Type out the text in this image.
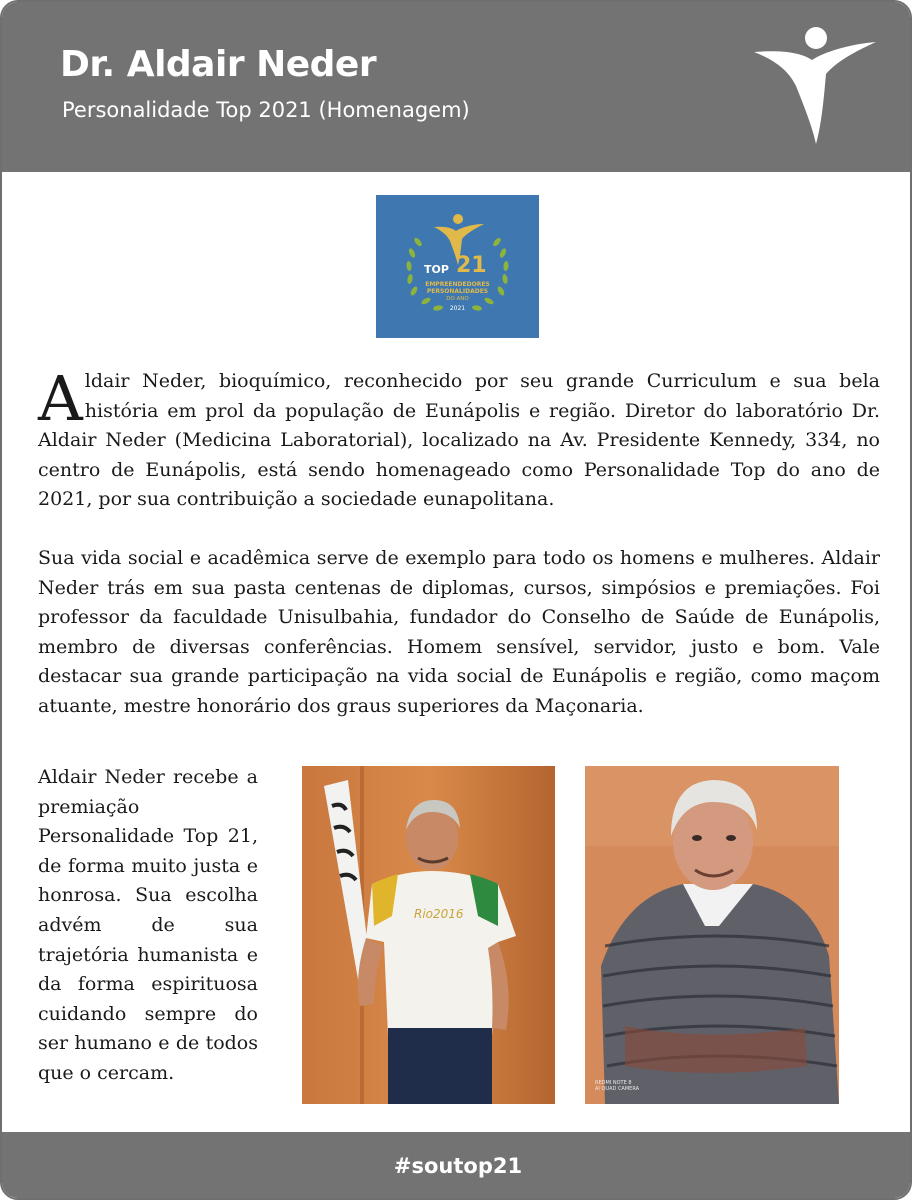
Dr. Aldair Neder
Personalidade Top 2021 (Homenagem)
TOP 21
EMPREENDEDORES
PERSONALIDADES
DO ANO
2021
A ldair Neder, bioquímico, reconhecido por seu grande Curriculum e sua bela história em prol da população de Eunápolis e região. Diretor do laboratório Dr. Aldair Neder (Medicina Laboratorial), localizado na Av. Presidente Kennedy, 334, no centro de Eunápolis, está sendo homenageado como Personalidade Top do ano de 2021, por sua contribuição a sociedade eunapolitana.
Sua vida social e acadêmica serve de exemplo para todo os homens e mulheres. Aldair Neder trás em sua pasta centenas de diplomas, cursos, simpósios e premiações. Foi professor da faculdade Unisulbahia, fundador do Conselho de Saúde de Eunápolis, membro de diversas conferências. Homem sensível, servidor, justo e bom. Vale destacar sua grande participação na vida social de Eunápolis e região, como maçom atuante, mestre honorário dos graus superiores da Maçonaria.
Aldair Neder recebe a premiação Personalidade Top 21, de forma muito justa e honrosa. Sua escolha advém de sua trajetória humanista e da forma espirituosa cuidando sempre do ser humano e de todos que o cercam.
Rio2016
REDMI NOTE 8
AI QUAD CAMERA
#soutop21
